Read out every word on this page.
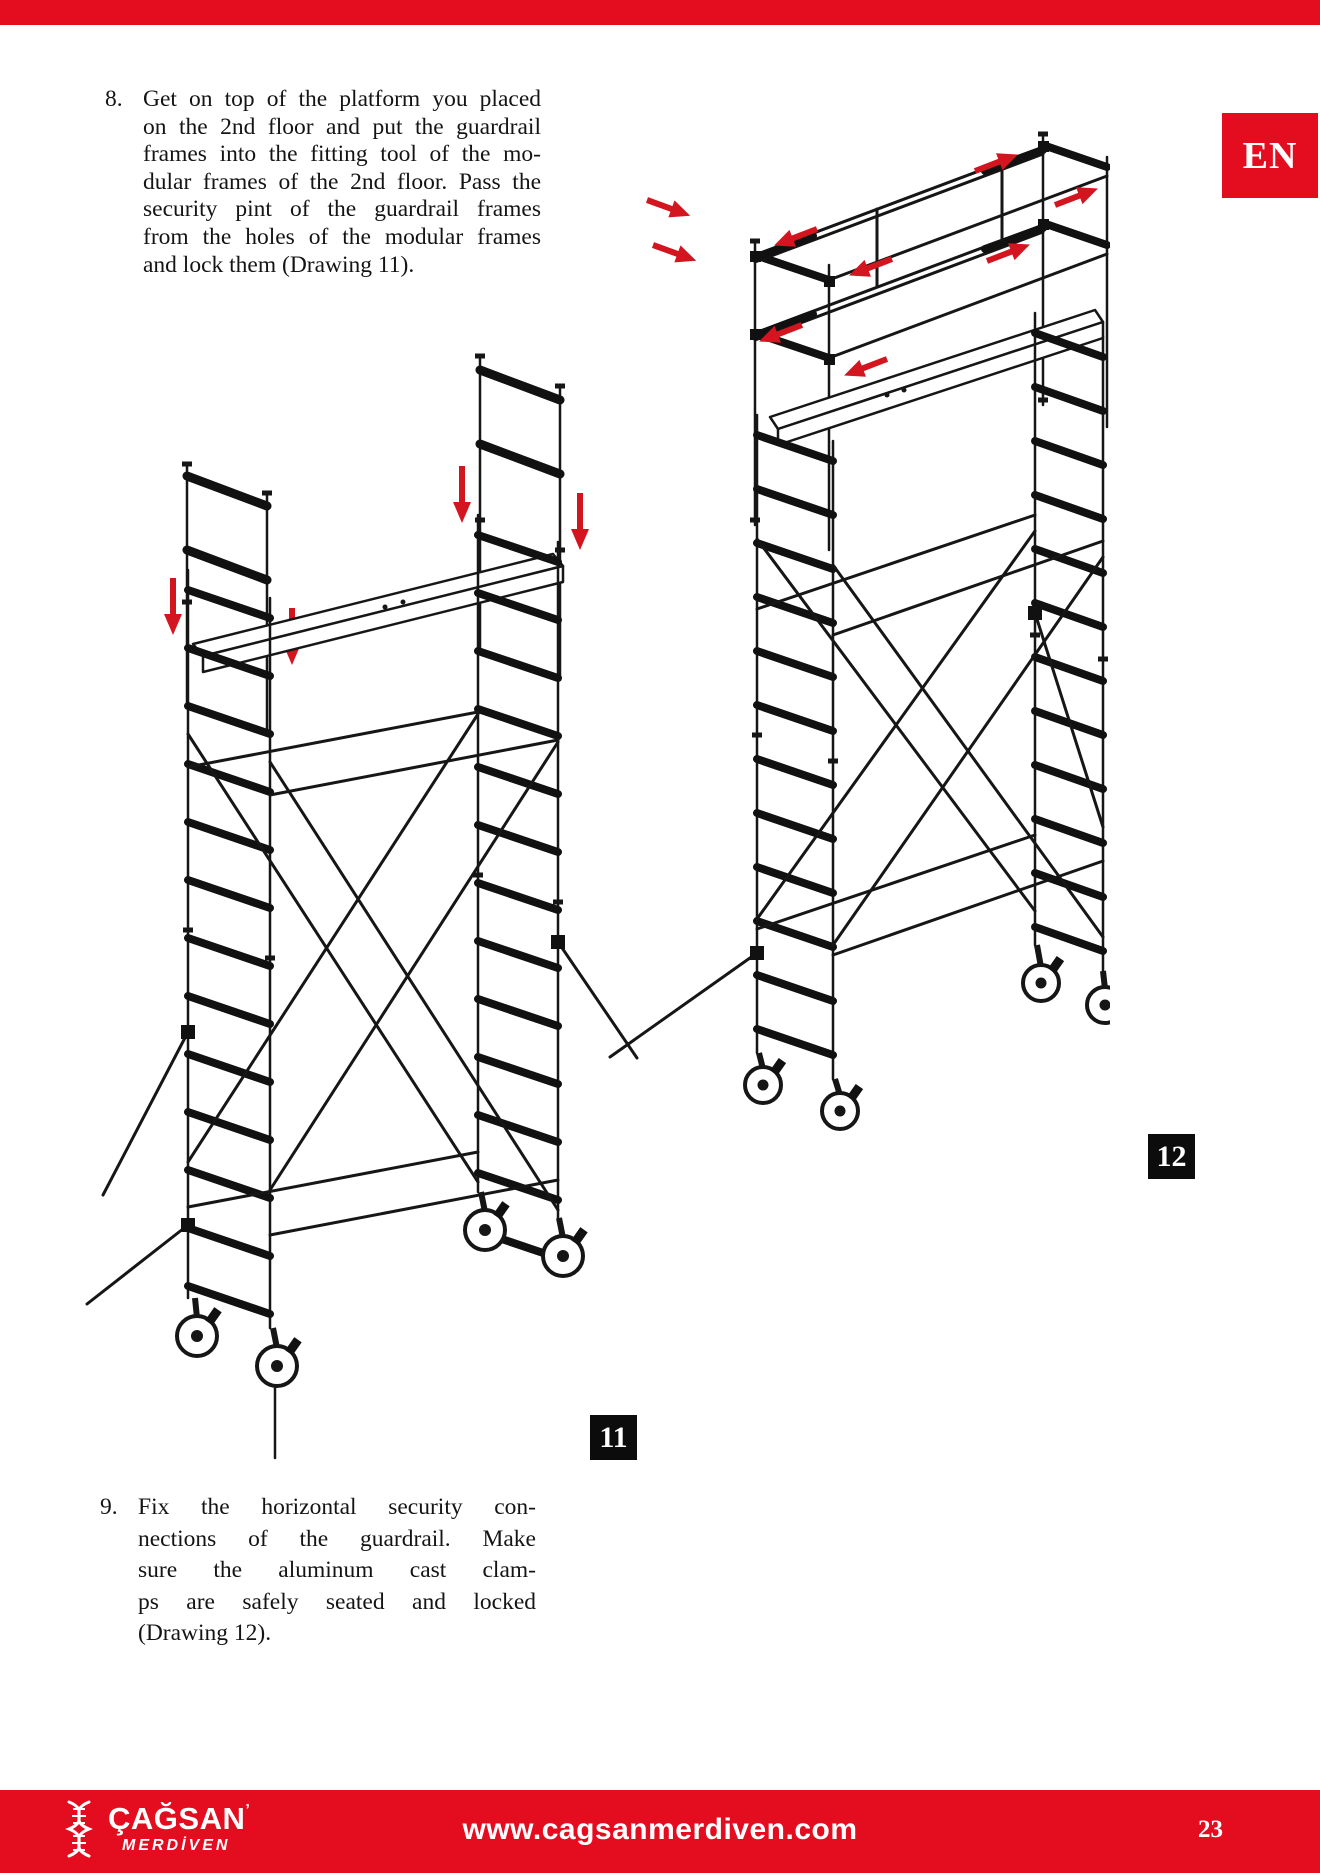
EN
8. Get on top of the platform you placed
on the 2nd floor and put the guardrail
frames into the fitting tool of the mo-
dular frames of the 2nd floor. Pass the
security pint of the guardrail frames
from the holes of the modular frames
and lock them (Drawing 11).
9. Fix the horizontal security con-
nections of the guardrail. Make
sure the aluminum cast clam-
ps are safely seated and locked
(Drawing 12).
11
12
ÇAĞSAN’
MERDİVEN	www.cagsanmerdiven.com	23
